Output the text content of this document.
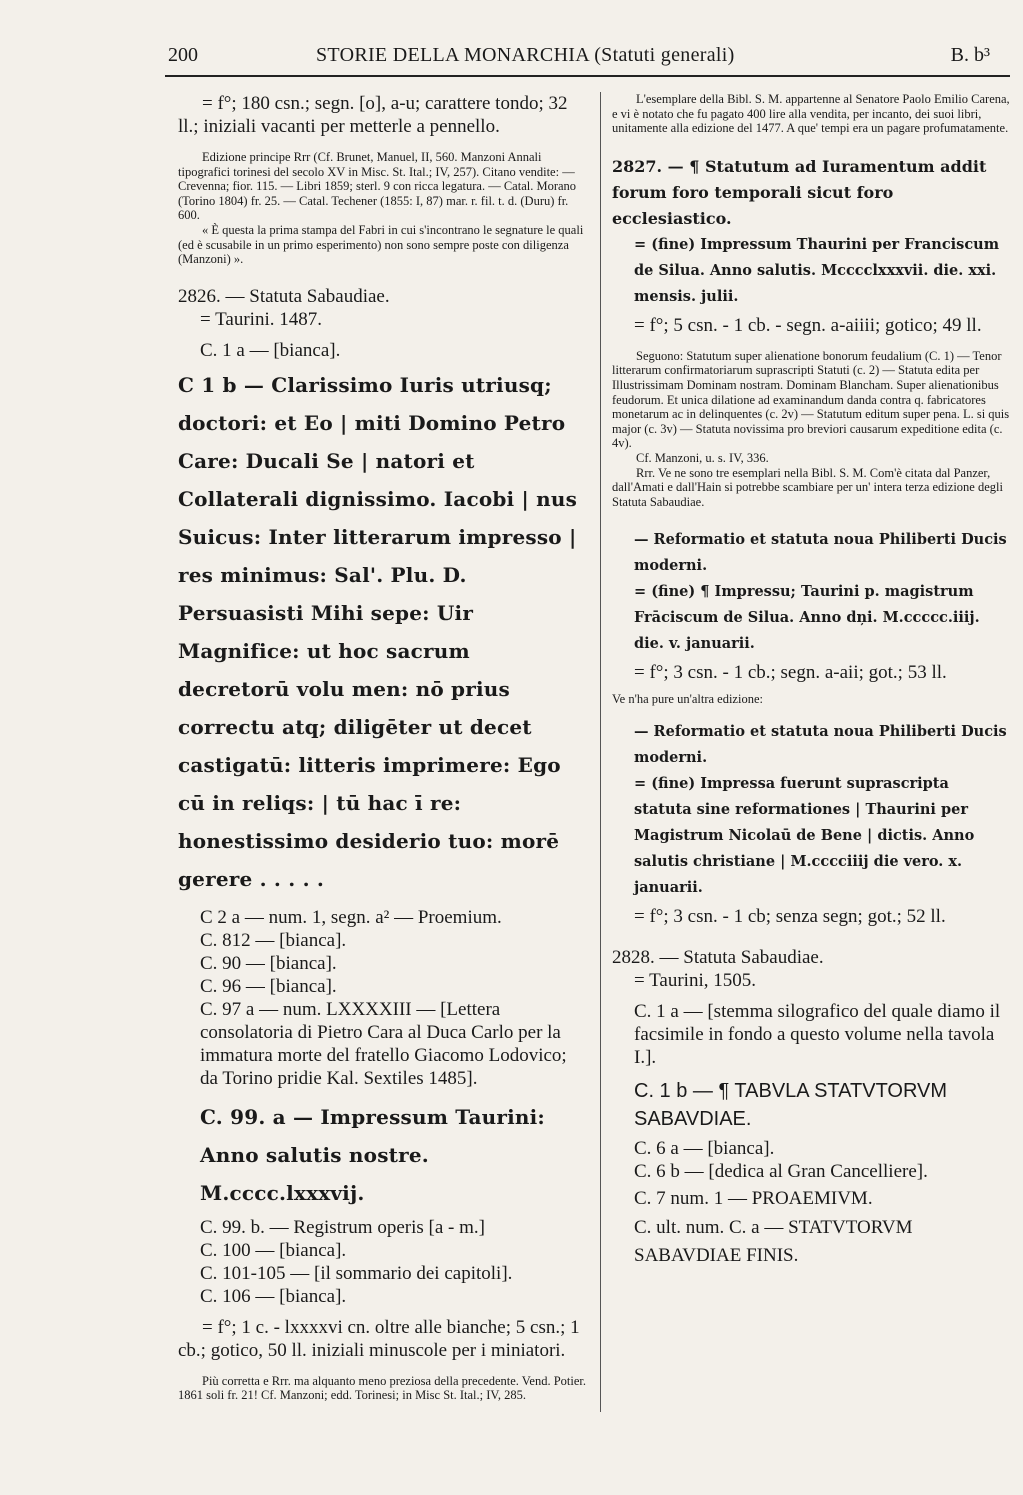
200	STORIE DELLA MONARCHIA (Statuti generali)	B. b³

= f°; 180 csn.; segn. [o], a-u; carattere tondo; 32 ll.; iniziali vacanti per metterle a pennello.

Edizione principe Rrr (Cf. Brunet, Manuel, II, 560. Manzoni Annali tipografici torinesi del secolo XV in Misc. St. Ital.; IV, 257). Citano vendite: — Crevenna; fior. 115. — Libri 1859; sterl. 9 con ricca legatura. — Catal. Morano (Torino 1804) fr. 25. — Catal. Techener (1855: I, 87) mar. r. fil. t. d. (Duru) fr. 600.

« È questa la prima stampa del Fabri in cui s'incontrano le segnature le quali (ed è scusabile in un primo esperimento) non sono sempre poste con diligenza (Manzoni) ».

2826. — Statuta Sabaudiae.

= Taurini. 1487.

C. 1 a — [bianca].

C 1 b — Clarissimo Iuris utriusq; doctori: et Eo | miti Domino Petro Care: Ducali Se | natori et Collaterali dignissimo. Iacobi | nus Suicus: Inter litterarum impresso | res minimus: Sal'. Plu. D. Persuasisti Mihi sepe: Uir Magnifice: ut hoc sacrum decretorū volu men: nō prius correctu atq; diligēter ut decet castigatū: litteris imprimere: Ego cū in reliqs: | tū hac ī re: honestissimo desiderio tuo: morē gerere . . . . .

C 2 a — num. 1, segn. a² — Proemium.

C. 812 — [bianca].

C. 90 — [bianca].

C. 96 — [bianca].

C. 97 a — num. LXXXXIII — [Lettera consolatoria di Pietro Cara al Duca Carlo per la immatura morte del fratello Giacomo Lodovico; da Torino pridie Kal. Sextiles 1485].

C. 99. a — Impressum Taurini: Anno salutis nostre. M.cccc.lxxxvij.

C. 99. b. — Registrum operis [a - m.]

C. 100 — [bianca].

C. 101-105 — [il sommario dei capitoli].

C. 106 — [bianca].

= f°; 1 c. - lxxxxvi cn. oltre alle bianche; 5 csn.; 1 cb.; gotico, 50 ll. iniziali minuscole per i miniatori.

Più corretta e Rrr. ma alquanto meno preziosa della precedente. Vend. Potier. 1861 soli fr. 21! Cf. Manzoni; edd. Torinesi; in Misc St. Ital.; IV, 285.

L'esemplare della Bibl. S. M. appartenne al Senatore Paolo Emilio Carena, e vi è notato che fu pagato 400 lire alla vendita, per incanto, dei suoi libri, unitamente alla edizione del 1477. A que' tempi era un pagare profumatamente.

2827. — ¶ Statutum ad Iuramentum addit forum foro temporali sicut foro ecclesiastico.

= (fine) Impressum Thaurini per Franciscum de Silua. Anno salutis. Mcccclxxxvii. die. xxi. mensis. julii.

= f°; 5 csn. - 1 cb. - segn. a-aiiii; gotico; 49 ll.

Seguono: Statutum super alienatione bonorum feudalium (C. 1) — Tenor litterarum confirmatoriarum suprascripti Statuti (c. 2) — Statuta edita per Illustrissimam Dominam nostram. Dominam Blancham. Super alienationibus feudorum. Et unica dilatione ad examinandum danda contra q. fabricatores monetarum ac in delinquentes (c. 2v) — Statutum editum super pena. L. si quis major (c. 3v) — Statuta novissima pro breviori causarum expeditione edita (c. 4v).

Cf. Manzoni, u. s. IV, 336.

Rrr. Ve ne sono tre esemplari nella Bibl. S. M. Com'è citata dal Panzer, dall'Amati e dall'Hain si potrebbe scambiare per un' intera terza edizione degli Statuta Sabaudiae.

— Reformatio et statuta noua Philiberti Ducis moderni.

= (fine) ¶ Impressu; Taurini p. magistrum Frāciscum de Silua. Anno dņi. M.ccccc.iiij. die. v. januarii.

= f°; 3 csn. - 1 cb.; segn. a-aii; got.; 53 ll.

Ve n'ha pure un'altra edizione:

— Reformatio et statuta noua Philiberti Ducis moderni.

= (fine) Impressa fuerunt suprascripta statuta sine reformationes | Thaurini per Magistrum Nicolaū de Bene | dictis. Anno salutis christiane | M.cccciiij die vero. x. januarii.

= f°; 3 csn. - 1 cb; senza segn; got.; 52 ll.

2828. — Statuta Sabaudiae.

= Taurini, 1505.

C. 1 a — [stemma silografico del quale diamo il facsimile in fondo a questo volume nella tavola I.].

C. 1 b — ¶ TABVLA STATVTORVM SABAVDIAE.

C. 6 a — [bianca].

C. 6 b — [dedica al Gran Cancelliere].

C. 7 num. 1 — PROAEMIVM.

C. ult. num. C. a — STATVTORVM SABAVDIAE FINIS.
